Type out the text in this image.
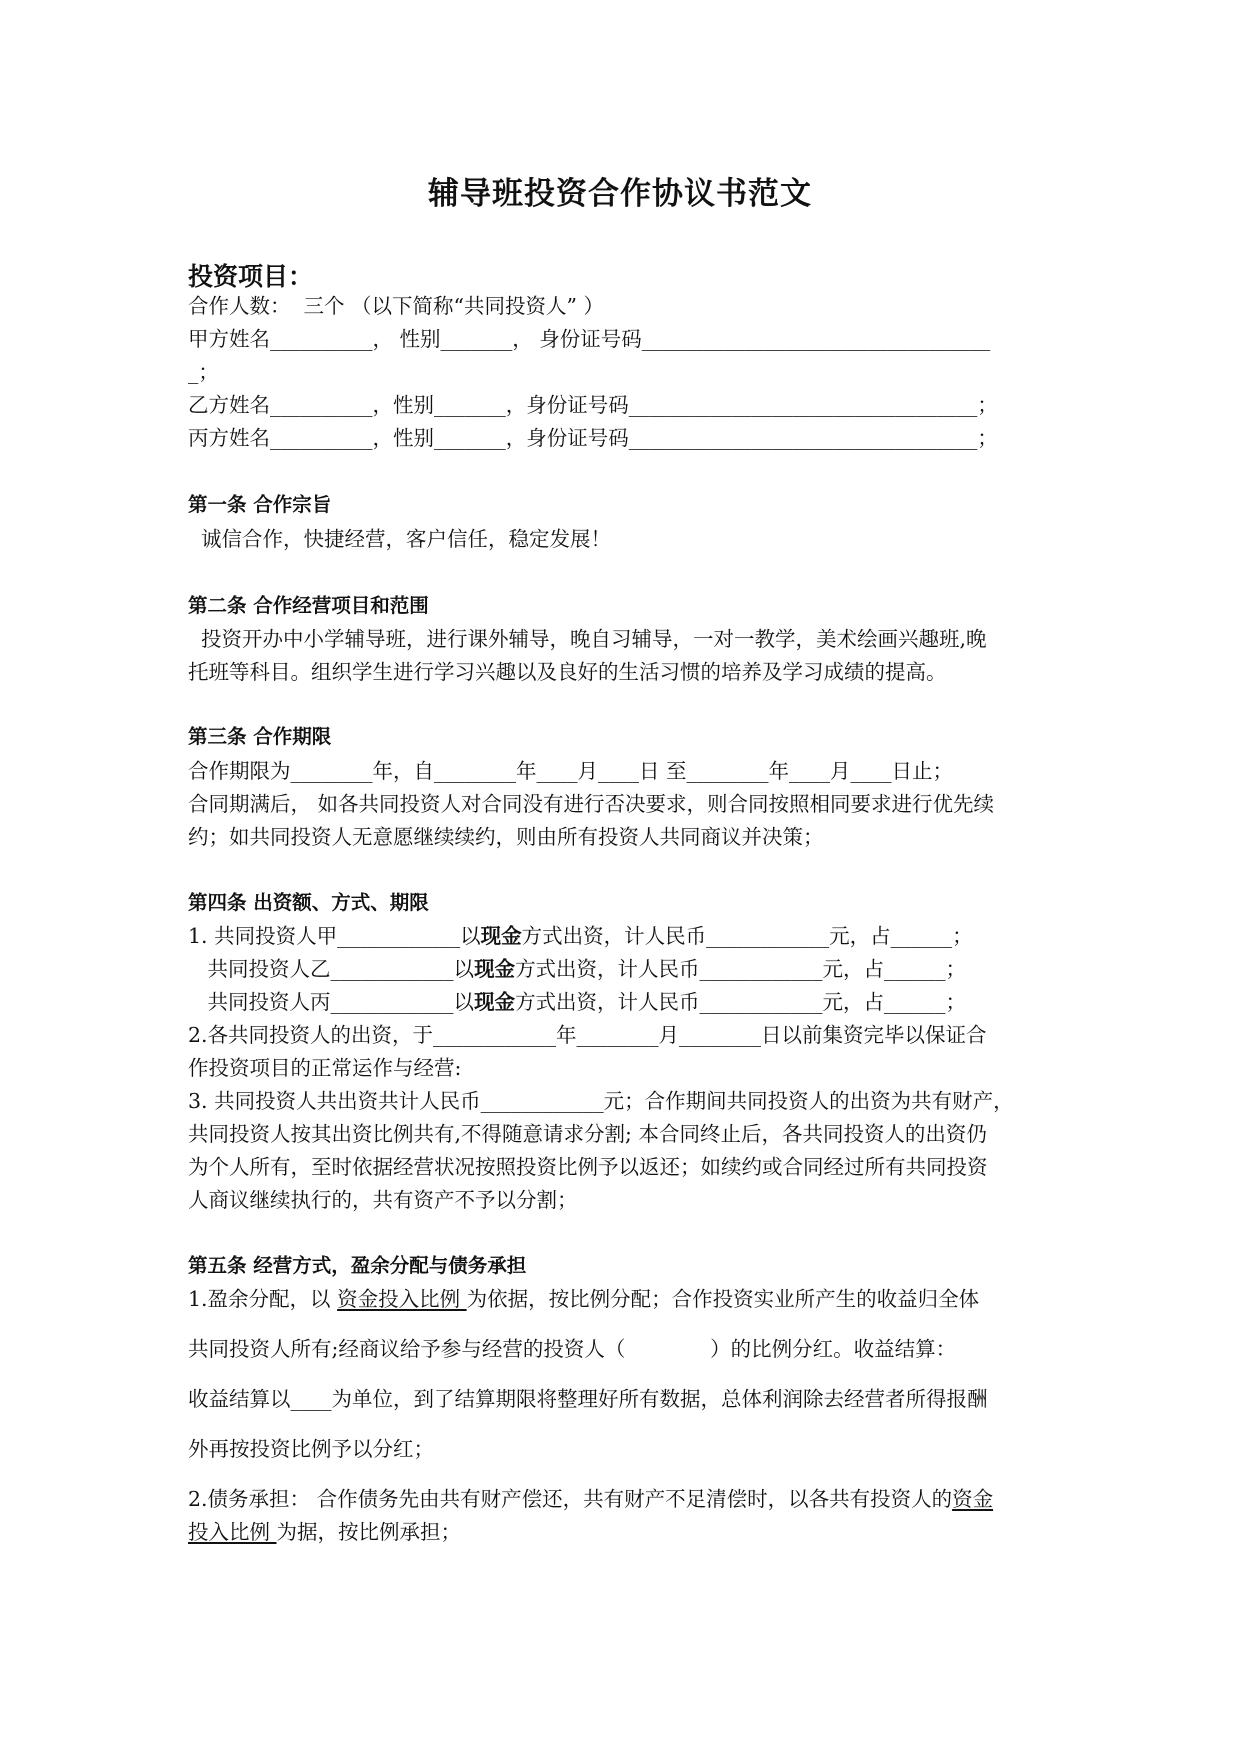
辅导班投资合作协议书范文
投资项目：
合作人数：  三个 （以下简称“共同投资人” ）
甲方姓名__________， 性别_______， 身份证号码__________________________________
_；
乙方姓名__________，性别_______，身份证号码__________________________________；
丙方姓名__________，性别_______，身份证号码__________________________________；
第一条 合作宗旨
诚信合作，快捷经营，客户信任，稳定发展！
第二条 合作经营项目和范围
投资开办中小学辅导班，进行课外辅导，晚自习辅导，一对一教学，美术绘画兴趣班,晚
托班等科目。组织学生进行学习兴趣以及良好的生活习惯的培养及学习成绩的提高。
第三条 合作期限
合作期限为________年，自________年____月____日 至________年____月____日止；
合同期满后， 如各共同投资人对合同没有进行否决要求，则合同按照相同要求进行优先续
约；如共同投资人无意愿继续续约，则由所有投资人共同商议并决策；
第四条 出资额、方式、期限
1. 共同投资人甲____________以现金方式出资，计人民币____________元，占______；
共同投资人乙____________以现金方式出资，计人民币____________元，占______；
共同投资人丙____________以现金方式出资，计人民币____________元，占______；
2.各共同投资人的出资，于____________年________月________日以前集资完毕以保证合
作投资项目的正常运作与经营:
3. 共同投资人共出资共计人民币____________元；合作期间共同投资人的出资为共有财产，
共同投资人按其出资比例共有,不得随意请求分割; 本合同终止后，各共同投资人的出资仍
为个人所有，至时依据经营状况按照投资比例予以返还；如续约或合同经过所有共同投资
人商议继续执行的，共有资产不予以分割；
第五条 经营方式，盈余分配与债务承担
1.盈余分配，以 资金投入比例 为依据，按比例分配；合作投资实业所产生的收益归全体
共同投资人所有;经商议给予参与经营的投资人（             ）的比例分红。收益结算：
收益结算以____为单位，到了结算期限将整理好所有数据，总体利润除去经营者所得报酬
外再按投资比例予以分红；
2.债务承担： 合作债务先由共有财产偿还，共有财产不足清偿时，以各共有投资人的资金
投入比例 为据，按比例承担；
